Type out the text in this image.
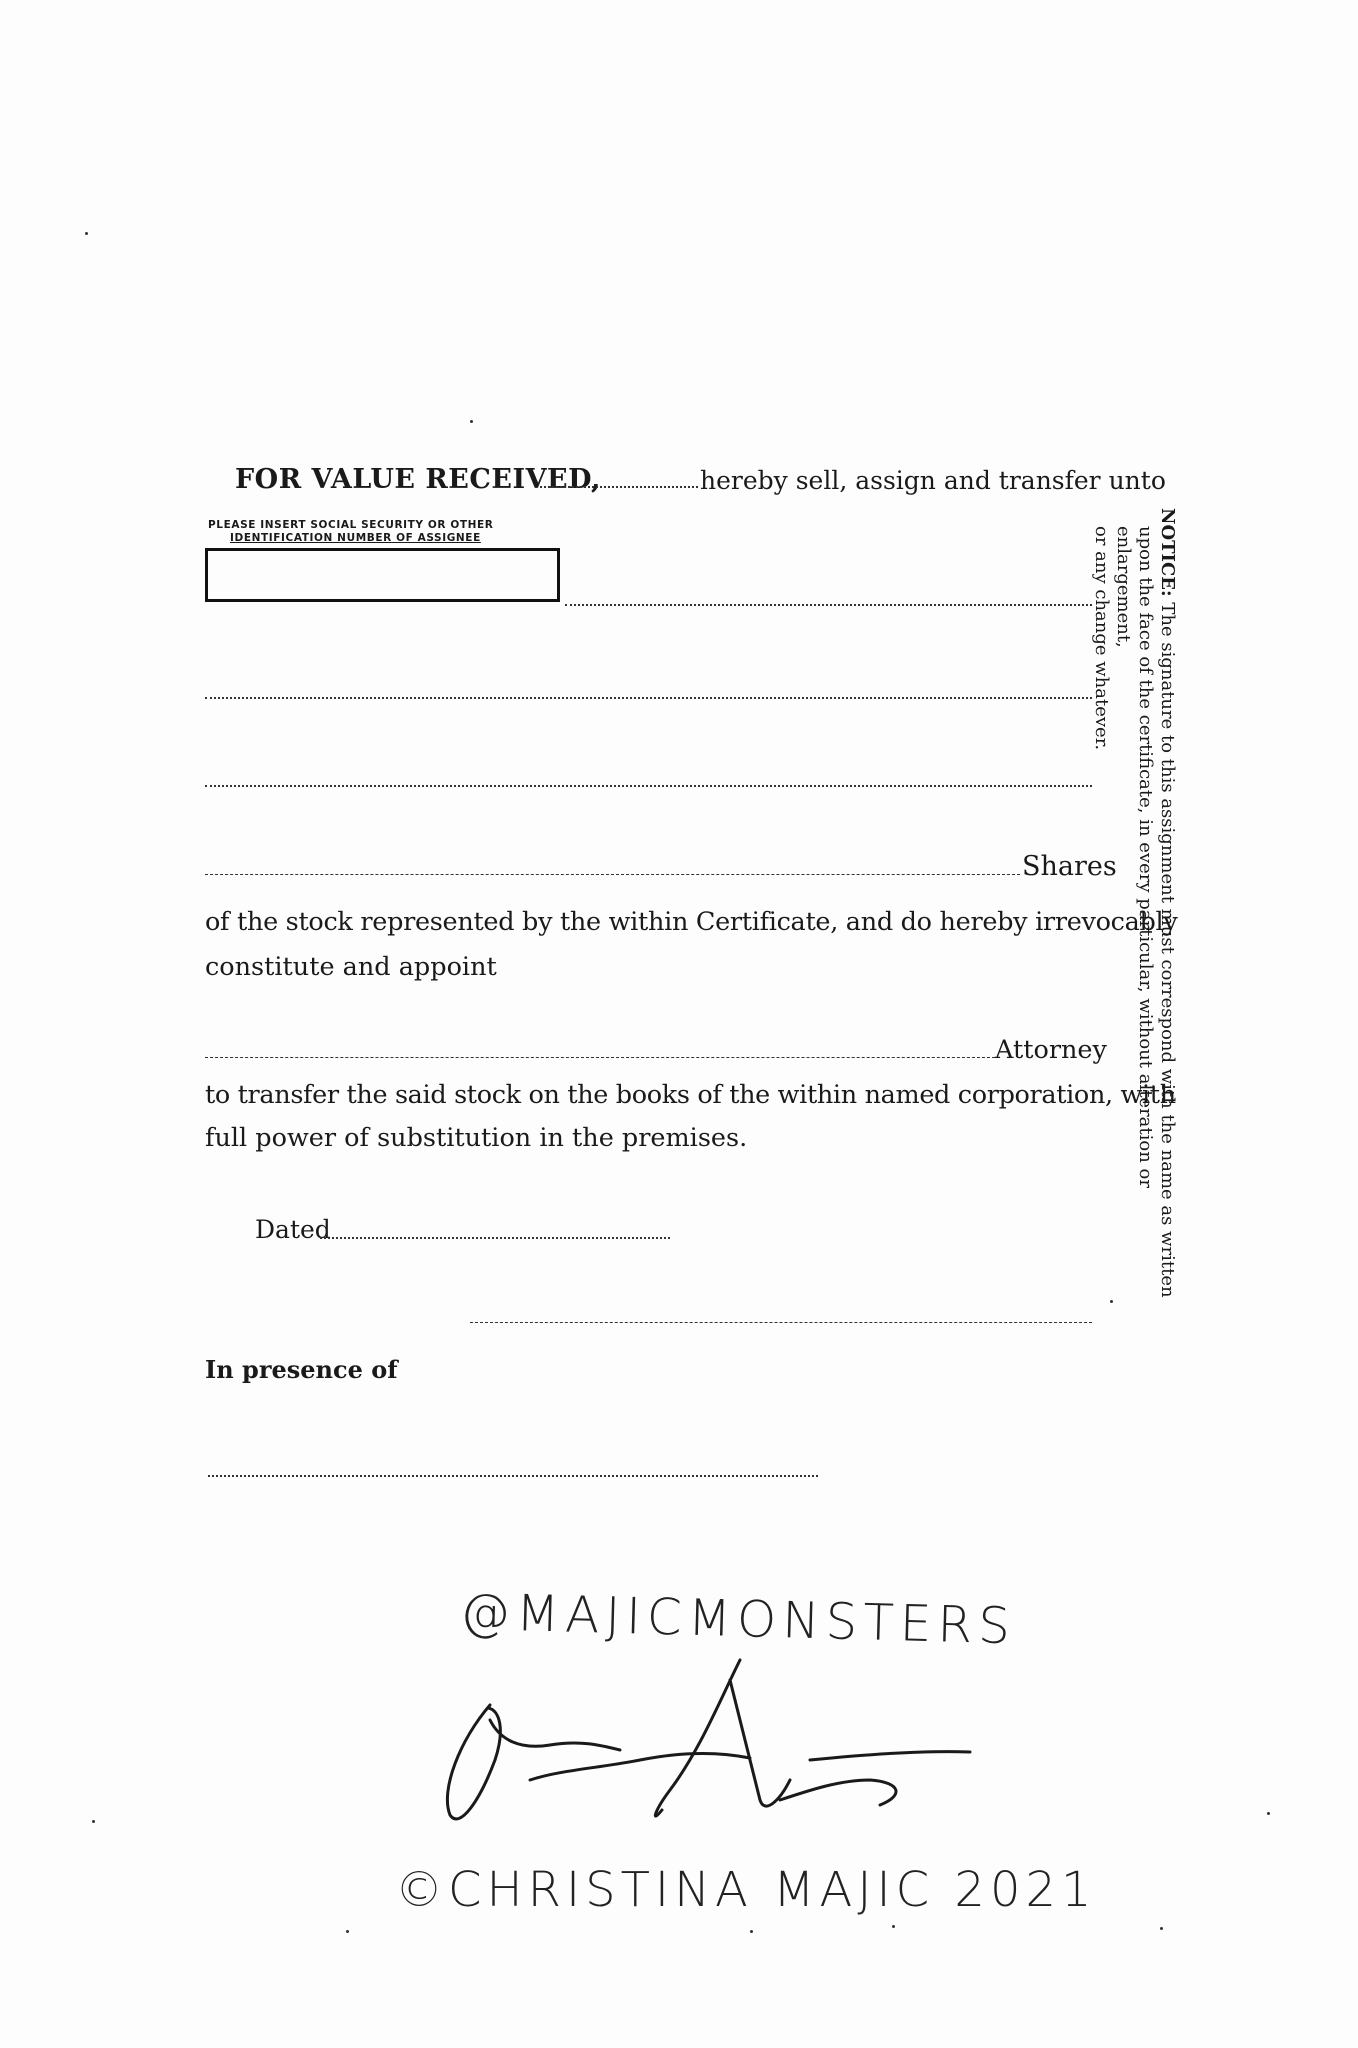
FOR VALUE RECEIVED,	hereby sell, assign and transfer unto
PLEASE INSERT SOCIAL SECURITY OR OTHER
IDENTIFICATION NUMBER OF ASSIGNEE
Shares
of the stock represented by the within Certificate, and do hereby irrevocably
constitute and appoint
Attorney
to transfer the said stock on the books of the within named corporation, with
full power of substitution in the premises.
Dated
In presence of
NOTICE: The signature to this assignment must correspond with the name as written
upon the face of the certificate, in every particular, without alteration or enlargement,
or any change whatever.
@MAJICMONSTERS
©CHRISTINA MAJIC 2021
